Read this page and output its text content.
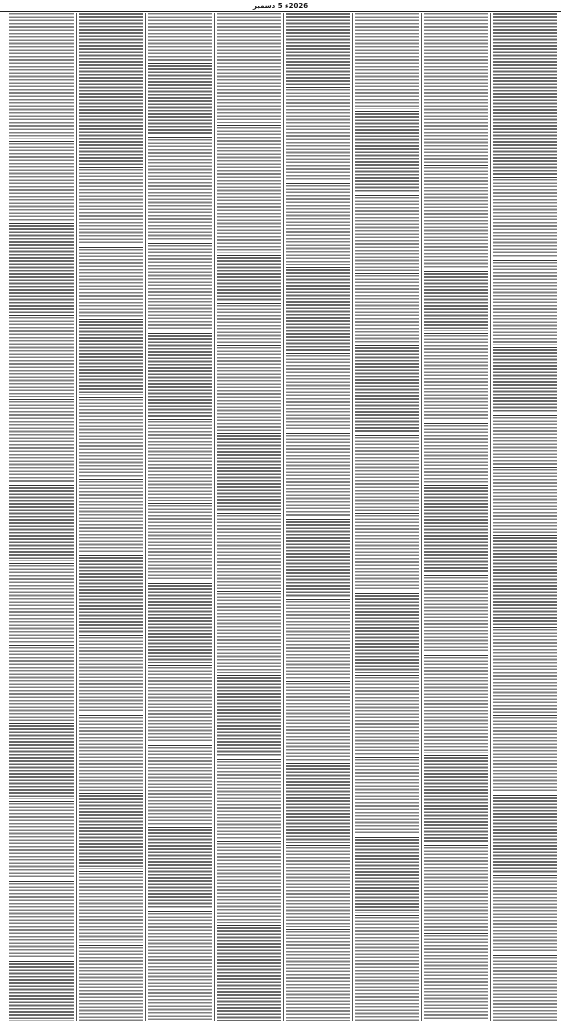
2026ء 5 دسمبر
